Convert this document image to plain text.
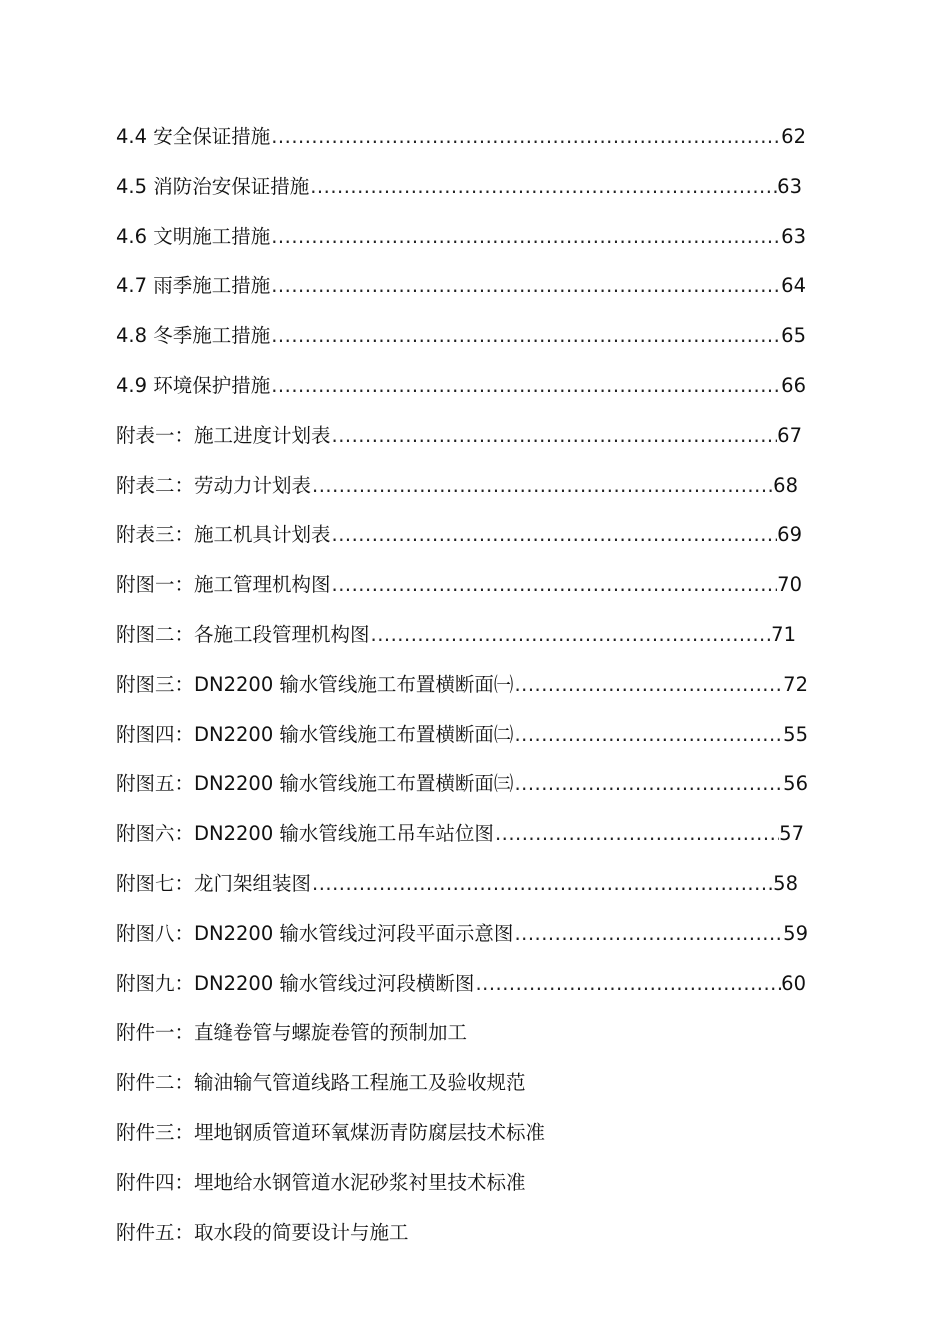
4.4 安全保证措施 .....	62
4.5 消防治安保证措施 .....	63
4.6 文明施工措施 .....	63
4.7 雨季施工措施 .....	64
4.8 冬季施工措施 .....	65
4.9 环境保护措施 .....	66
附表一：施工进度计划表 .....	67
附表二：劳动力计划表 .....	68
附表三：施工机具计划表 .....	69
附图一：施工管理机构图 .....	70
附图二：各施工段管理机构图 .....	71
附图三：DN2200 输水管线施工布置横断面㈠ .....	72
附图四：DN2200 输水管线施工布置横断面㈡ .....	55
附图五：DN2200 输水管线施工布置横断面㈢ .....	56
附图六：DN2200 输水管线施工吊车站位图 .....	57
附图七：龙门架组装图 .....	58
附图八：DN2200 输水管线过河段平面示意图 .....	59
附图九：DN2200 输水管线过河段横断图 .....	60
附件一：直缝卷管与螺旋卷管的预制加工
附件二：输油输气管道线路工程施工及验收规范
附件三：埋地钢质管道环氧煤沥青防腐层技术标准
附件四：埋地给水钢管道水泥砂浆衬里技术标准
附件五：取水段的简要设计与施工
